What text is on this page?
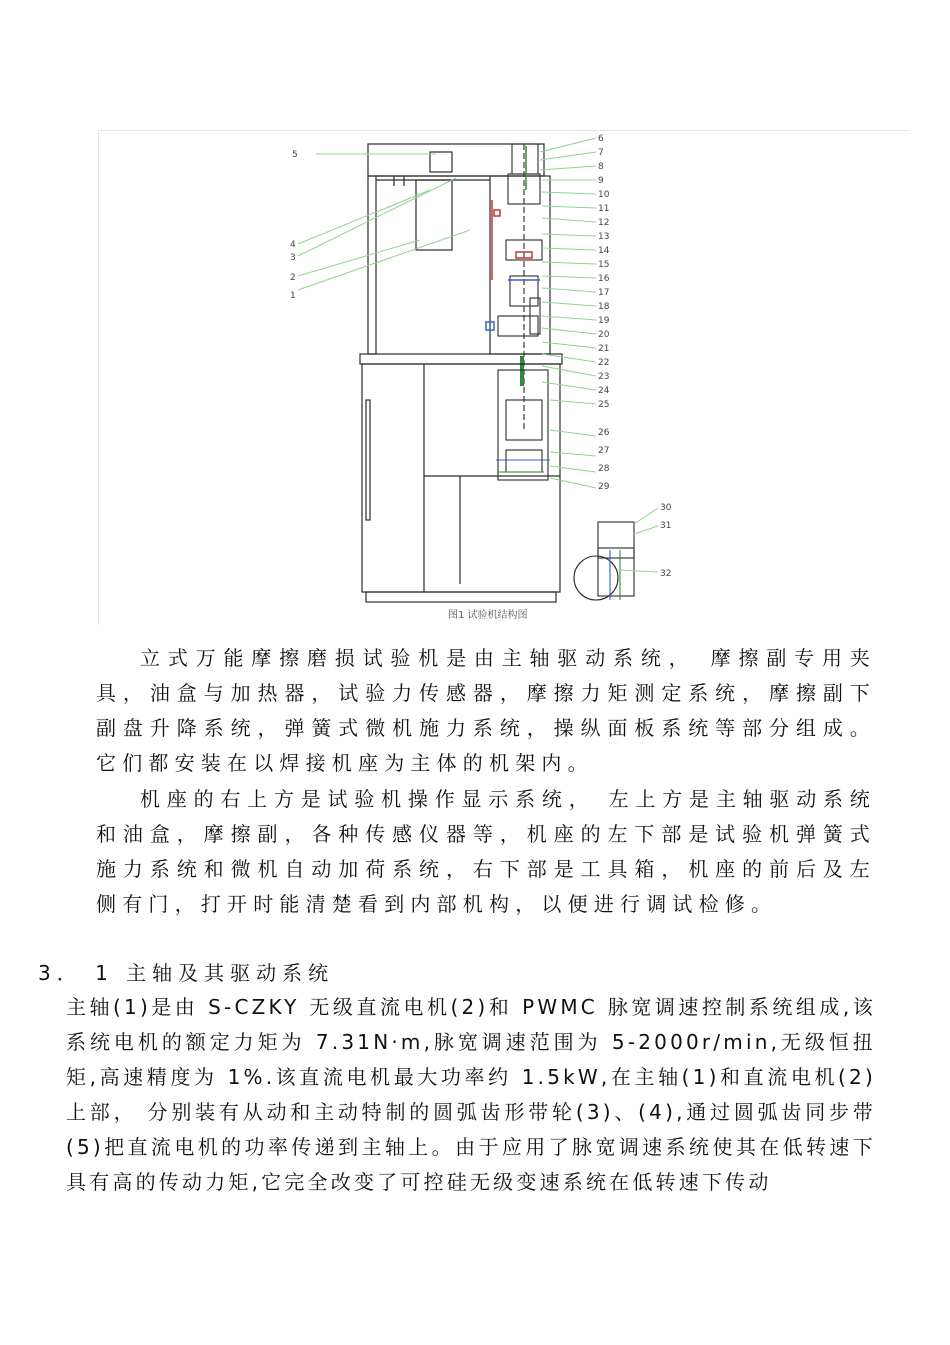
6
7
8
9
10
11
12
13
14
15
16
17
18
19
20
21
22
23
24
25
26
27
28
29
5
4
3
2
1
30
31
32
图1 试验机结构图

立式万能摩擦磨损试验机是由主轴驱动系统， 摩擦副专用夹具，油盒与加热器，试验力传感器，摩擦力矩测定系统，摩擦副下副盘升降系统，弹簧式微机施力系统，操纵面板系统等部分组成。它们都安装在以焊接机座为主体的机架内。

机座的右上方是试验机操作显示系统， 左上方是主轴驱动系统和油盒，摩擦副，各种传感仪器等，机座的左下部是试验机弹簧式施力系统和微机自动加荷系统，右下部是工具箱，机座的前后及左侧有门，打开时能清楚看到内部机构，以便进行调试检修。

3． 1 主轴及其驱动系统

主轴(1)是由 S-CZKY 无级直流电机(2)和 PWMC 脉宽调速控制系统组成,该系统电机的额定力矩为 7.31N·m,脉宽调速范围为 5-2000r/min,无级恒扭矩,高速精度为 1%.该直流电机最大功率约 1.5kW,在主轴(1)和直流电机(2)上部， 分别装有从动和主动特制的圆弧齿形带轮(3)、(4),通过圆弧齿同步带(5)把直流电机的功率传递到主轴上。由于应用了脉宽调速系统使其在低转速下具有高的传动力矩,它完全改变了可控硅无级变速系统在低转速下传动
